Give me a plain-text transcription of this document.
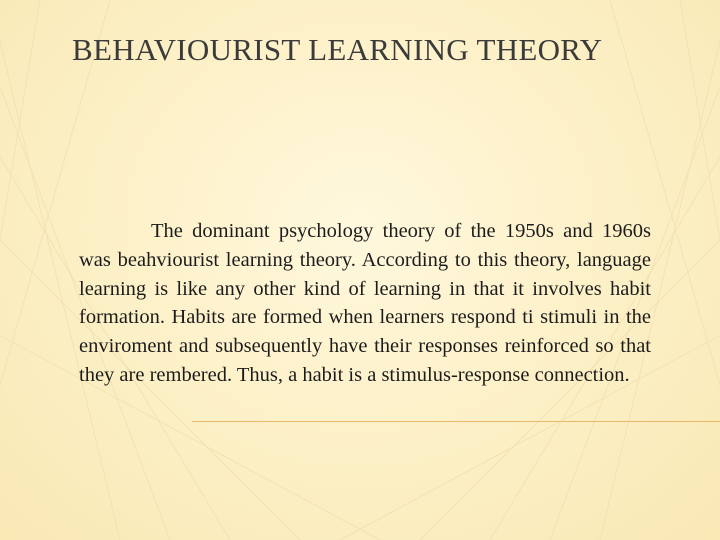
BEHAVIOURIST LEARNING THEORY

The dominant psychology theory of the 1950s and 1960s was beahviourist learning theory. According to this theory, language learning is like any other kind of learning in that it involves habit formation. Habits are formed when learners respond ti stimuli in the enviroment and subsequently have their responses reinforced so that they are rembered. Thus, a habit is a stimulus-response connection.
